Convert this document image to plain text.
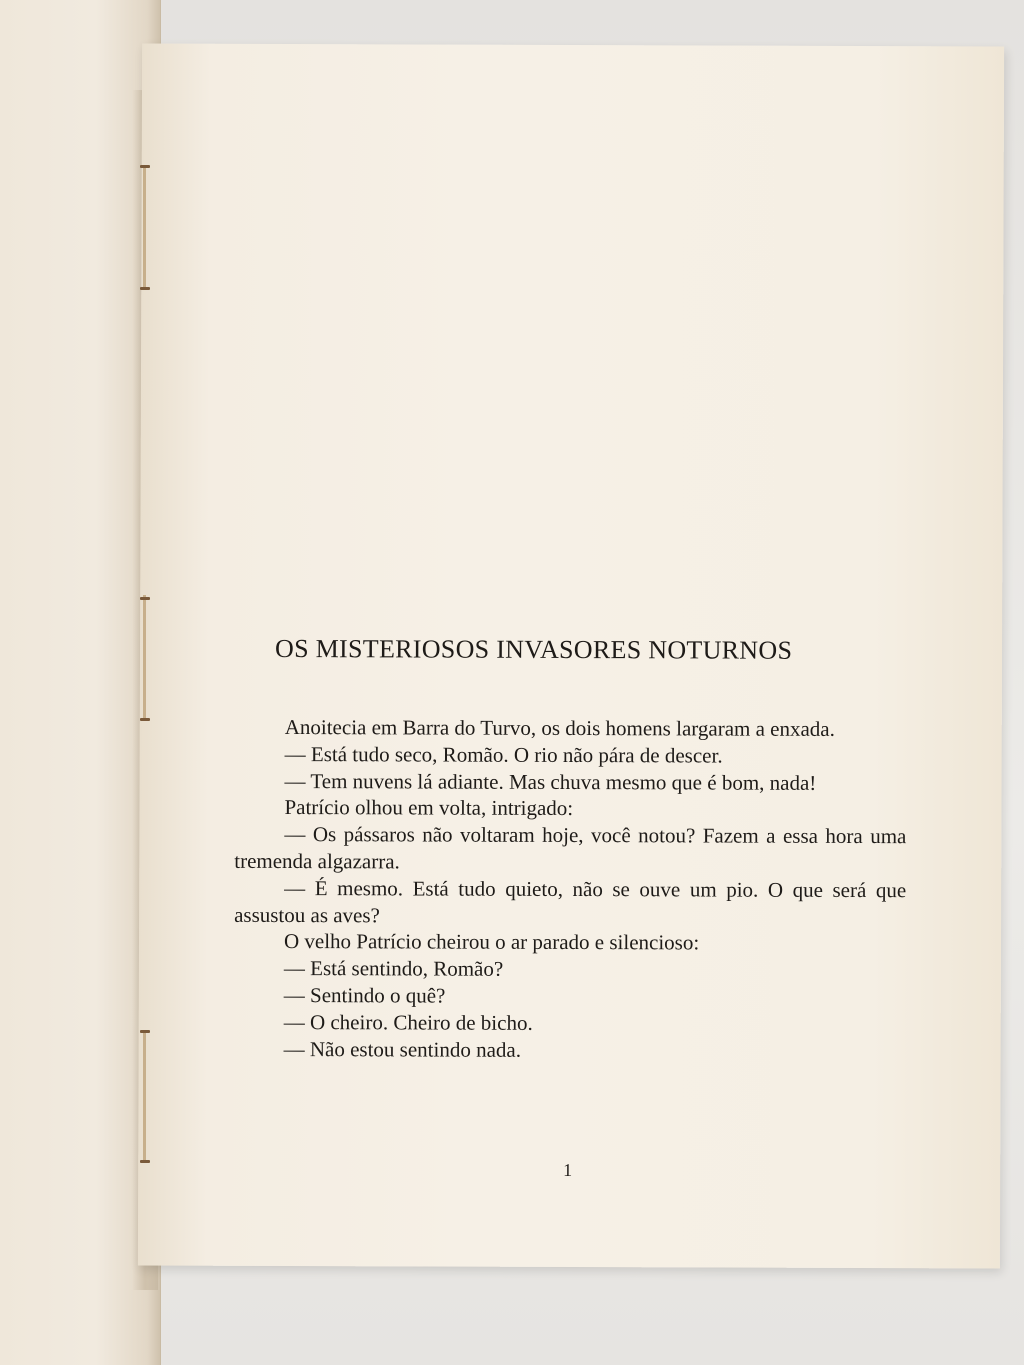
OS MISTERIOSOS INVASORES NOTURNOS

Anoitecia em Barra do Turvo, os dois homens largaram a enxada.

— Está tudo seco, Romão. O rio não pára de descer.

— Tem nuvens lá adiante. Mas chuva mesmo que é bom, nada!

Patrício olhou em volta, intrigado:

— Os pássaros não voltaram hoje, você notou? Fazem a essa hora uma tremenda algazarra.

— É mesmo. Está tudo quieto, não se ouve um pio. O que será que assustou as aves?

O velho Patrício cheirou o ar parado e silencioso:

— Está sentindo, Romão?

— Sentindo o quê?

— O cheiro. Cheiro de bicho.

— Não estou sentindo nada.

1
